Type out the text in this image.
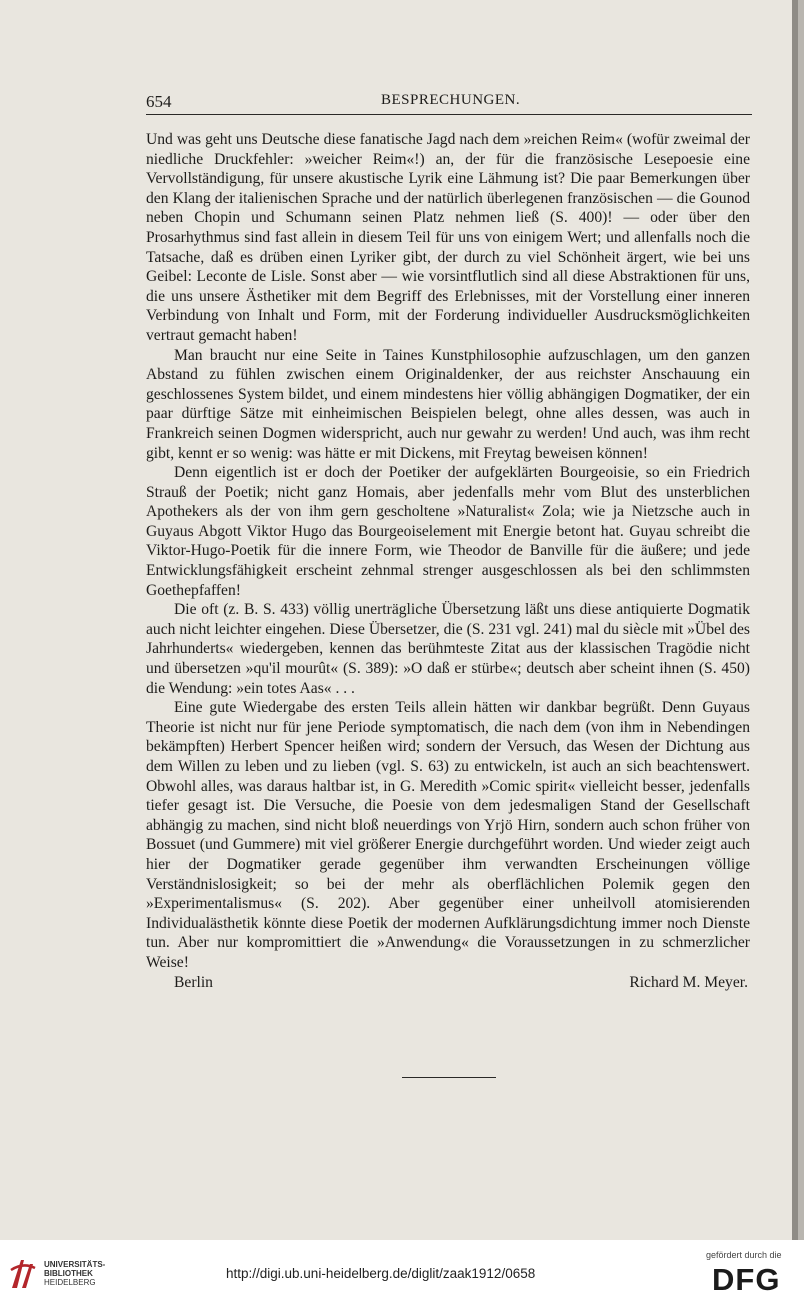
654	BESPRECHUNGEN.

Und was geht uns Deutsche diese fanatische Jagd nach dem »reichen Reim« (wofür zweimal der niedliche Druckfehler: »weicher Reim«!) an, der für die französische Lesepoesie eine Vervollständigung, für unsere akustische Lyrik eine Lähmung ist? Die paar Bemerkungen über den Klang der italienischen Sprache und der natürlich überlegenen französischen — die Gounod neben Chopin und Schumann seinen Platz nehmen ließ (S. 400)! — oder über den Prosarhythmus sind fast allein in diesem Teil für uns von einigem Wert; und allenfalls noch die Tatsache, daß es drüben einen Lyriker gibt, der durch zu viel Schönheit ärgert, wie bei uns Geibel: Leconte de Lisle. Sonst aber — wie vorsintflutlich sind all diese Abstraktionen für uns, die uns unsere Ästhetiker mit dem Begriff des Erlebnisses, mit der Vorstellung einer inneren Verbindung von Inhalt und Form, mit der Forderung individueller Ausdrucksmöglichkeiten vertraut gemacht haben!

Man braucht nur eine Seite in Taines Kunstphilosophie aufzuschlagen, um den ganzen Abstand zu fühlen zwischen einem Originaldenker, der aus reichster Anschauung ein geschlossenes System bildet, und einem mindestens hier völlig abhängigen Dogmatiker, der ein paar dürftige Sätze mit einheimischen Beispielen belegt, ohne alles dessen, was auch in Frankreich seinen Dogmen widerspricht, auch nur gewahr zu werden! Und auch, was ihm recht gibt, kennt er so wenig: was hätte er mit Dickens, mit Freytag beweisen können!

Denn eigentlich ist er doch der Poetiker der aufgeklärten Bourgeoisie, so ein Friedrich Strauß der Poetik; nicht ganz Homais, aber jedenfalls mehr vom Blut des unsterblichen Apothekers als der von ihm gern gescholtene »Naturalist« Zola; wie ja Nietzsche auch in Guyaus Abgott Viktor Hugo das Bourgeoiselement mit Energie betont hat. Guyau schreibt die Viktor-Hugo-Poetik für die innere Form, wie Theodor de Banville für die äußere; und jede Entwicklungsfähigkeit erscheint zehnmal strenger ausgeschlossen als bei den schlimmsten Goethepfaffen!

Die oft (z. B. S. 433) völlig unerträgliche Übersetzung läßt uns diese antiquierte Dogmatik auch nicht leichter eingehen. Diese Übersetzer, die (S. 231 vgl. 241) mal du siècle mit »Übel des Jahrhunderts« wiedergeben, kennen das berühmteste Zitat aus der klassischen Tragödie nicht und übersetzen »qu'il mourût« (S. 389): »O daß er stürbe«; deutsch aber scheint ihnen (S. 450) die Wendung: »ein totes Aas« . . .

Eine gute Wiedergabe des ersten Teils allein hätten wir dankbar begrüßt. Denn Guyaus Theorie ist nicht nur für jene Periode symptomatisch, die nach dem (von ihm in Nebendingen bekämpften) Herbert Spencer heißen wird; sondern der Versuch, das Wesen der Dichtung aus dem Willen zu leben und zu lieben (vgl. S. 63) zu entwickeln, ist auch an sich beachtenswert. Obwohl alles, was daraus haltbar ist, in G. Meredith »Comic spirit« vielleicht besser, jedenfalls tiefer gesagt ist. Die Versuche, die Poesie von dem jedesmaligen Stand der Gesellschaft abhängig zu machen, sind nicht bloß neuerdings von Yrjö Hirn, sondern auch schon früher von Bossuet (und Gummere) mit viel größerer Energie durchgeführt worden. Und wieder zeigt auch hier der Dogmatiker gerade gegenüber ihm verwandten Erscheinungen völlige Verständnislosigkeit; so bei der mehr als oberflächlichen Polemik gegen den »Experimentalismus« (S. 202). Aber gegenüber einer unheilvoll atomisierenden Individualästhetik könnte diese Poetik der modernen Aufklärungsdichtung immer noch Dienste tun. Aber nur kompromittiert die »Anwendung« die Voraussetzungen in zu schmerzlicher Weise!

Berlin	Richard M. Meyer.
UNIVERSITÄTS-
BIBLIOTHEK
HEIDELBERG
http://digi.ub.uni-heidelberg.de/diglit/zaak1912/0658
gefördert durch die
DFG
